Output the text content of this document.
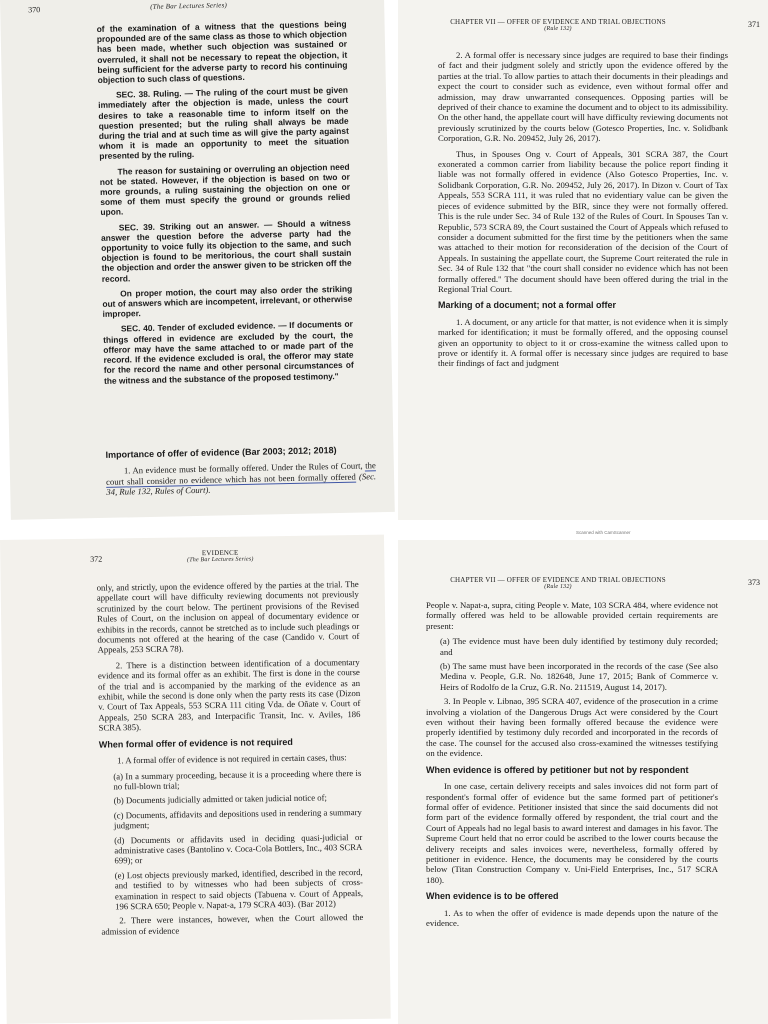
370	(The Bar Lectures Series)

of the examination of a witness that the questions being propounded are of the same class as those to which objection has been made, whether such objection was sustained or overruled, it shall not be necessary to repeat the objection, it being sufficient for the adverse party to record his continuing objection to such class of questions.

SEC. 38. Ruling. — The ruling of the court must be given immediately after the objection is made, unless the court desires to take a reasonable time to inform itself on the question presented; but the ruling shall always be made during the trial and at such time as will give the party against whom it is made an opportunity to meet the situation presented by the ruling.

The reason for sustaining or overruling an objection need not be stated. However, if the objection is based on two or more grounds, a ruling sustaining the objection on one or some of them must specify the ground or grounds relied upon.

SEC. 39. Striking out an answer. — Should a witness answer the question before the adverse party had the opportunity to voice fully its objection to the same, and such objection is found to be meritorious, the court shall sustain the objection and order the answer given to be stricken off the record.

On proper motion, the court may also order the striking out of answers which are incompetent, irrelevant, or otherwise improper.

SEC. 40. Tender of excluded evidence. — If documents or things offered in evidence are excluded by the court, the offeror may have the same attached to or made part of the record. If the evidence excluded is oral, the offeror may state for the record the name and other personal circumstances of the witness and the substance of the proposed testimony."

Importance of offer of evidence (Bar 2003; 2012; 2018)

1. An evidence must be formally offered. Under the Rules of Court, the court shall consider no evidence which has not been formally offered (Sec. 34, Rule 132, Rules of Court).

CHAPTER VII — OFFER OF EVIDENCE AND TRIAL OBJECTIONS
(Rule 132)	371

2. A formal offer is necessary since judges are required to base their findings of fact and their judgment solely and strictly upon the evidence offered by the parties at the trial. To allow parties to attach their documents in their pleadings and expect the court to consider such as evidence, even without formal offer and admission, may draw unwarranted consequences. Opposing parties will be deprived of their chance to examine the document and to object to its admissibility. On the other hand, the appellate court will have difficulty reviewing documents not previously scrutinized by the courts below (Gotesco Properties, Inc. v. Solidbank Corporation, G.R. No. 209452, July 26, 2017).

Thus, in Spouses Ong v. Court of Appeals, 301 SCRA 387, the Court exonerated a common carrier from liability because the police report finding it liable was not formally offered in evidence (Also Gotesco Properties, Inc. v. Solidbank Corporation, G.R. No. 209452, July 26, 2017). In Dizon v. Court of Tax Appeals, 553 SCRA 111, it was ruled that no evidentiary value can be given the pieces of evidence submitted by the BIR, since they were not formally offered. This is the rule under Sec. 34 of Rule 132 of the Rules of Court. In Spouses Tan v. Republic, 573 SCRA 89, the Court sustained the Court of Appeals which refused to consider a document submitted for the first time by the petitioners when the same was attached to their motion for reconsideration of the decision of the Court of Appeals. In sustaining the appellate court, the Supreme Court reiterated the rule in Sec. 34 of Rule 132 that "the court shall consider no evidence which has not been formally offered." The document should have been offered during the trial in the Regional Trial Court.

Marking of a document; not a formal offer

1. A document, or any article for that matter, is not evidence when it is simply marked for identification; it must be formally offered, and the opposing counsel given an opportunity to object to it or cross-examine the witness called upon to prove or identify it. A formal offer is necessary since judges are required to base their findings of fact and judgment

Scanned with CamScanner
372
EVIDENCE
(The Bar Lectures Series)

only, and strictly, upon the evidence offered by the parties at the trial. The appellate court will have difficulty reviewing documents not previously scrutinized by the court below. The pertinent provisions of the Revised Rules of Court, on the inclusion on appeal of documentary evidence or exhibits in the records, cannot be stretched as to include such pleadings or documents not offered at the hearing of the case (Candido v. Court of Appeals, 253 SCRA 78).

2. There is a distinction between identification of a documentary evidence and its formal offer as an exhibit. The first is done in the course of the trial and is accompanied by the marking of the evidence as an exhibit, while the second is done only when the party rests its case (Dizon v. Court of Tax Appeals, 553 SCRA 111 citing Vda. de Oñate v. Court of Appeals, 250 SCRA 283, and Interpacific Transit, Inc. v. Aviles, 186 SCRA 385).

When formal offer of evidence is not required

1. A formal offer of evidence is not required in certain cases, thus:

(a) In a summary proceeding, because it is a proceeding where there is no full-blown trial;

(b) Documents judicially admitted or taken judicial notice of;

(c) Documents, affidavits and depositions used in rendering a summary judgment;

(d) Documents or affidavits used in deciding quasi-judicial or administrative cases (Bantolino v. Coca-Cola Bottlers, Inc., 403 SCRA 699); or

(e) Lost objects previously marked, identified, described in the record, and testified to by witnesses who had been subjects of cross-examination in respect to said objects (Tabuena v. Court of Appeals, 196 SCRA 650; People v. Napat-a, 179 SCRA 403). (Bar 2012)

2. There were instances, however, when the Court allowed the admission of evidence

CHAPTER VII — OFFER OF EVIDENCE AND TRIAL OBJECTIONS
(Rule 132)	373

People v. Napat-a, supra, citing People v. Mate, 103 SCRA 484, where evidence not formally offered was held to be allowable provided certain requirements are present:

(a) The evidence must have been duly identified by testimony duly recorded; and

(b) The same must have been incorporated in the records of the case (See also Medina v. People, G.R. No. 182648, June 17, 2015; Bank of Commerce v. Heirs of Rodolfo de la Cruz, G.R. No. 211519, August 14, 2017).

3. In People v. Libnao, 395 SCRA 407, evidence of the prosecution in a crime involving a violation of the Dangerous Drugs Act were considered by the Court even without their having been formally offered because the evidence were properly identified by testimony duly recorded and incorporated in the records of the case. The counsel for the accused also cross-examined the witnesses testifying on the evidence.

When evidence is offered by petitioner but not by respondent

In one case, certain delivery receipts and sales invoices did not form part of respondent's formal offer of evidence but the same formed part of petitioner's formal offer of evidence. Petitioner insisted that since the said documents did not form part of the evidence formally offered by respondent, the trial court and the Court of Appeals had no legal basis to award interest and damages in his favor. The Supreme Court held that no error could be ascribed to the lower courts because the delivery receipts and sales invoices were, nevertheless, formally offered by petitioner in evidence. Hence, the documents may be considered by the courts below (Titan Construction Company v. Uni-Field Enterprises, Inc., 517 SCRA 180).

When evidence is to be offered

1. As to when the offer of evidence is made depends upon the nature of the evidence.
